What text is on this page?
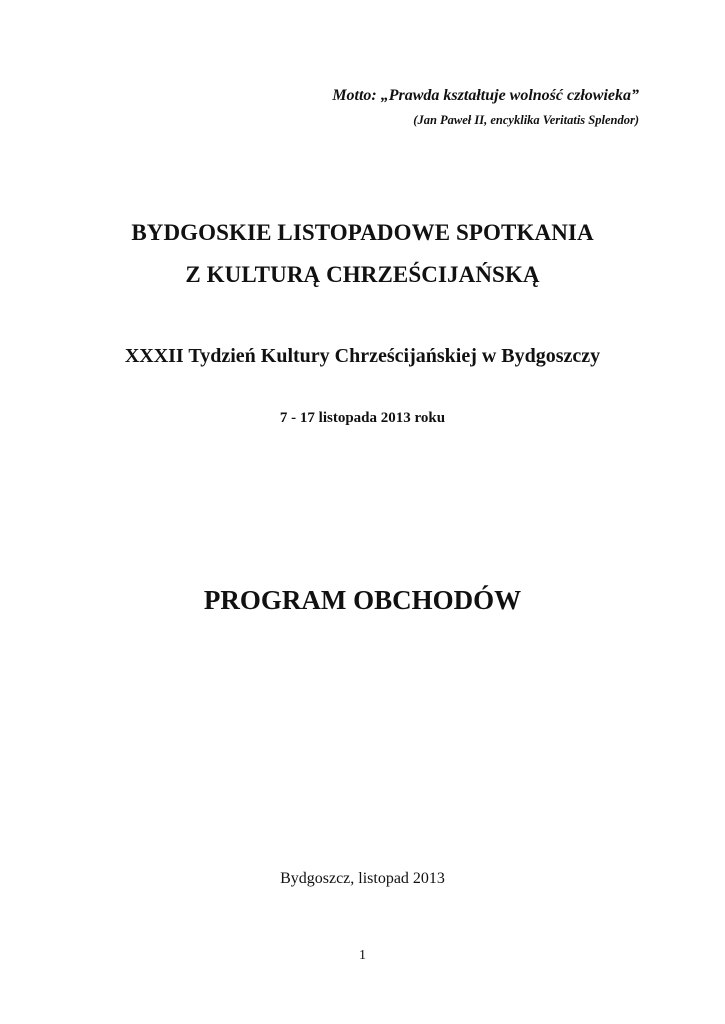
Motto: „Prawda kształtuje wolność człowieka”
(Jan Paweł II, encyklika Veritatis Splendor)
BYDGOSKIE LISTOPADOWE SPOTKANIA
Z KULTURĄ CHRZEŚCIJAŃSKĄ
XXXII Tydzień Kultury Chrześcijańskiej w Bydgoszczy
7 - 17 listopada 2013 roku
PROGRAM OBCHODÓW
Bydgoszcz, listopad 2013
1
